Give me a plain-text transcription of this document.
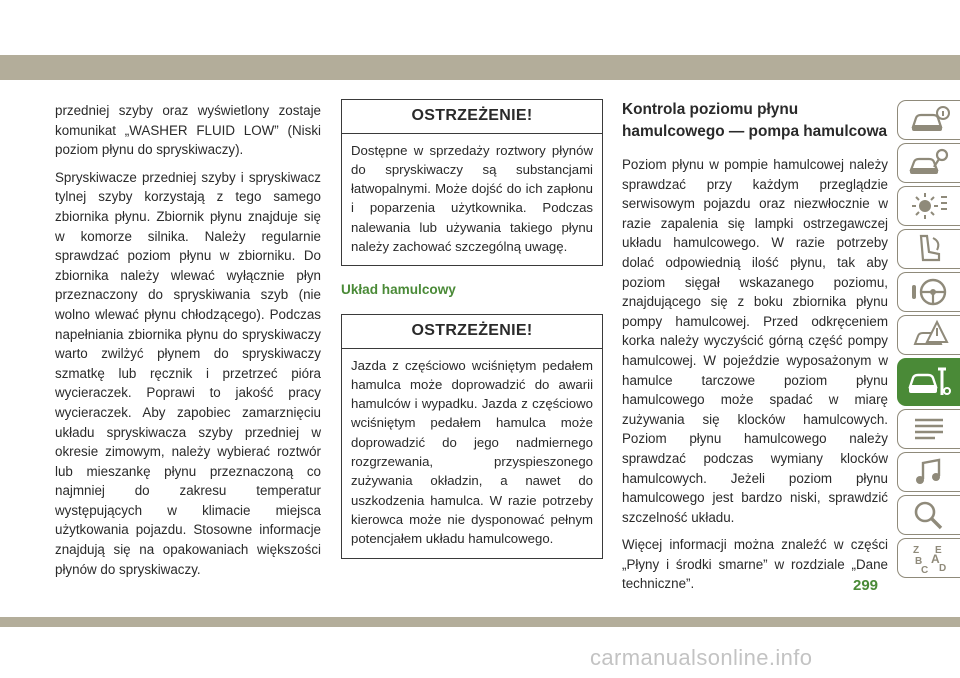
przedniej szyby oraz wyświetlony zostaje komunikat „WASHER FLUID LOW” (Niski poziom płynu do spryskiwaczy).

Spryskiwacze przedniej szyby i spryskiwacz tylnej szyby korzystają z tego samego zbiornika płynu. Zbiornik płynu znajduje się w komorze silnika. Należy regularnie sprawdzać poziom płynu w zbiorniku. Do zbiornika należy wlewać wyłącznie płyn przeznaczony do spryskiwania szyb (nie wolno wlewać płynu chłodzącego). Podczas napełniania zbiornika płynu do spryskiwaczy warto zwilżyć płynem do spryskiwaczy szmatkę lub ręcznik i przetrzeć pióra wycieraczek. Poprawi to jakość pracy wycieraczek. Aby zapobiec zamarznięciu układu spryskiwacza szyby przedniej w okresie zimowym, należy wybierać roztwór lub mieszankę płynu przeznaczoną co najmniej do zakresu temperatur występujących w klimacie miejsca użytkowania pojazdu. Stosowne informacje znajdują się na opakowaniach większości płynów do spryskiwaczy.

OSTRZEŻENIE!
Dostępne w sprzedaży roztwory płynów do spryskiwaczy są substancjami łatwopalnymi. Może dojść do ich zapłonu i poparzenia użytkownika. Podczas nalewania lub używania takiego płynu należy zachować szczególną uwagę.
Układ hamulcowy
OSTRZEŻENIE!
Jazda z częściowo wciśniętym pedałem hamulca może doprowadzić do awarii hamulców i wypadku. Jazda z częściowo wciśniętym pedałem hamulca może doprowadzić do jego nadmiernego rozgrzewania, przyspieszonego zużywania okładzin, a nawet do uszkodzenia hamulca. W razie potrzeby kierowca może nie dysponować pełnym potencjałem układu hamulcowego.
Kontrola poziomu płynu hamulcowego — pompa hamulcowa

Poziom płynu w pompie hamulcowej należy sprawdzać przy każdym przeglądzie serwisowym pojazdu oraz niezwłocznie w razie zapalenia się lampki ostrzegawczej układu hamulcowego. W razie potrzeby dolać odpowiednią ilość płynu, tak aby poziom sięgał wskazanego poziomu, znajdującego się z boku zbiornika płynu pompy hamulcowej. Przed odkręceniem korka należy wyczyścić górną część pompy hamulcowej. W pojeździe wyposażonym w hamulce tarczowe poziom płynu hamulcowego może spadać w miarę zużywania się klocków hamulcowych. Poziom płynu hamulcowego należy sprawdzać podczas wymiany klocków hamulcowych. Jeżeli poziom płynu hamulcowego jest bardzo niski, sprawdzić szczelność układu.

Więcej informacji można znaleźć w części „Płyny i środki smarne” w rozdziale „Dane techniczne”.

Z E
B A
C D
299
carmanualsonline.info
